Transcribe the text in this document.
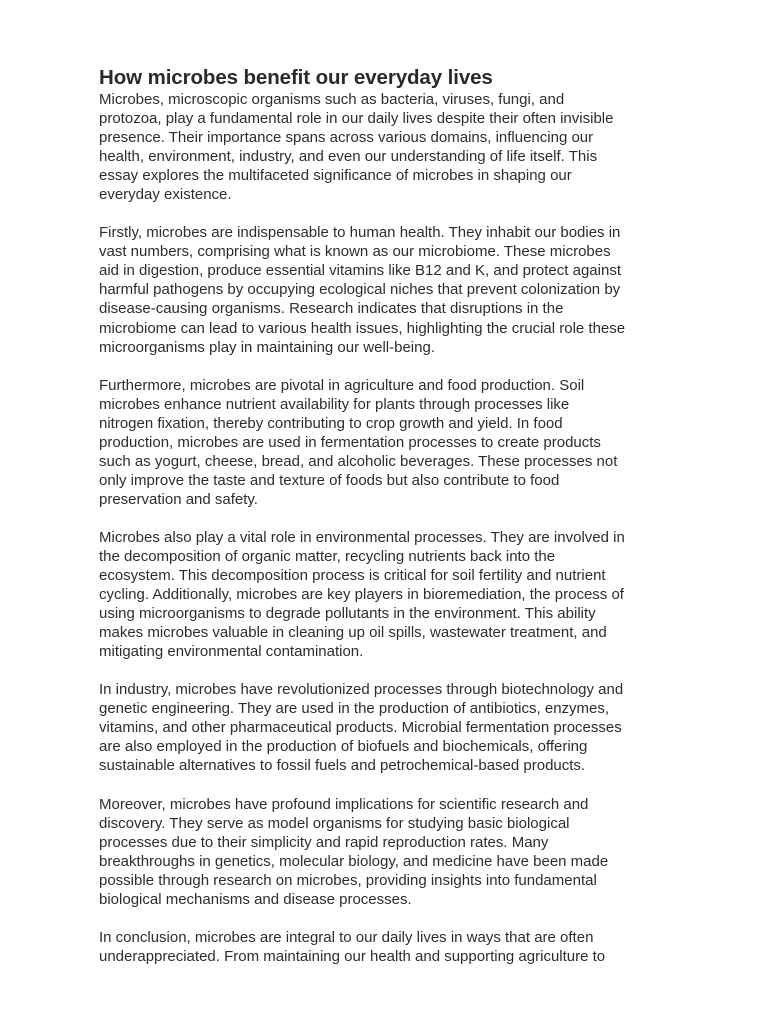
How microbes benefit our everyday lives

Microbes, microscopic organisms such as bacteria, viruses, fungi, and
protozoa, play a fundamental role in our daily lives despite their often invisible
presence. Their importance spans across various domains, influencing our
health, environment, industry, and even our understanding of life itself. This
essay explores the multifaceted significance of microbes in shaping our
everyday existence.

Firstly, microbes are indispensable to human health. They inhabit our bodies in
vast numbers, comprising what is known as our microbiome. These microbes
aid in digestion, produce essential vitamins like B12 and K, and protect against
harmful pathogens by occupying ecological niches that prevent colonization by
disease-causing organisms. Research indicates that disruptions in the
microbiome can lead to various health issues, highlighting the crucial role these
microorganisms play in maintaining our well-being.

Furthermore, microbes are pivotal in agriculture and food production. Soil
microbes enhance nutrient availability for plants through processes like
nitrogen fixation, thereby contributing to crop growth and yield. In food
production, microbes are used in fermentation processes to create products
such as yogurt, cheese, bread, and alcoholic beverages. These processes not
only improve the taste and texture of foods but also contribute to food
preservation and safety.

Microbes also play a vital role in environmental processes. They are involved in
the decomposition of organic matter, recycling nutrients back into the
ecosystem. This decomposition process is critical for soil fertility and nutrient
cycling. Additionally, microbes are key players in bioremediation, the process of
using microorganisms to degrade pollutants in the environment. This ability
makes microbes valuable in cleaning up oil spills, wastewater treatment, and
mitigating environmental contamination.

In industry, microbes have revolutionized processes through biotechnology and
genetic engineering. They are used in the production of antibiotics, enzymes,
vitamins, and other pharmaceutical products. Microbial fermentation processes
are also employed in the production of biofuels and biochemicals, offering
sustainable alternatives to fossil fuels and petrochemical-based products.

Moreover, microbes have profound implications for scientific research and
discovery. They serve as model organisms for studying basic biological
processes due to their simplicity and rapid reproduction rates. Many
breakthroughs in genetics, molecular biology, and medicine have been made
possible through research on microbes, providing insights into fundamental
biological mechanisms and disease processes.

In conclusion, microbes are integral to our daily lives in ways that are often
underappreciated. From maintaining our health and supporting agriculture to
